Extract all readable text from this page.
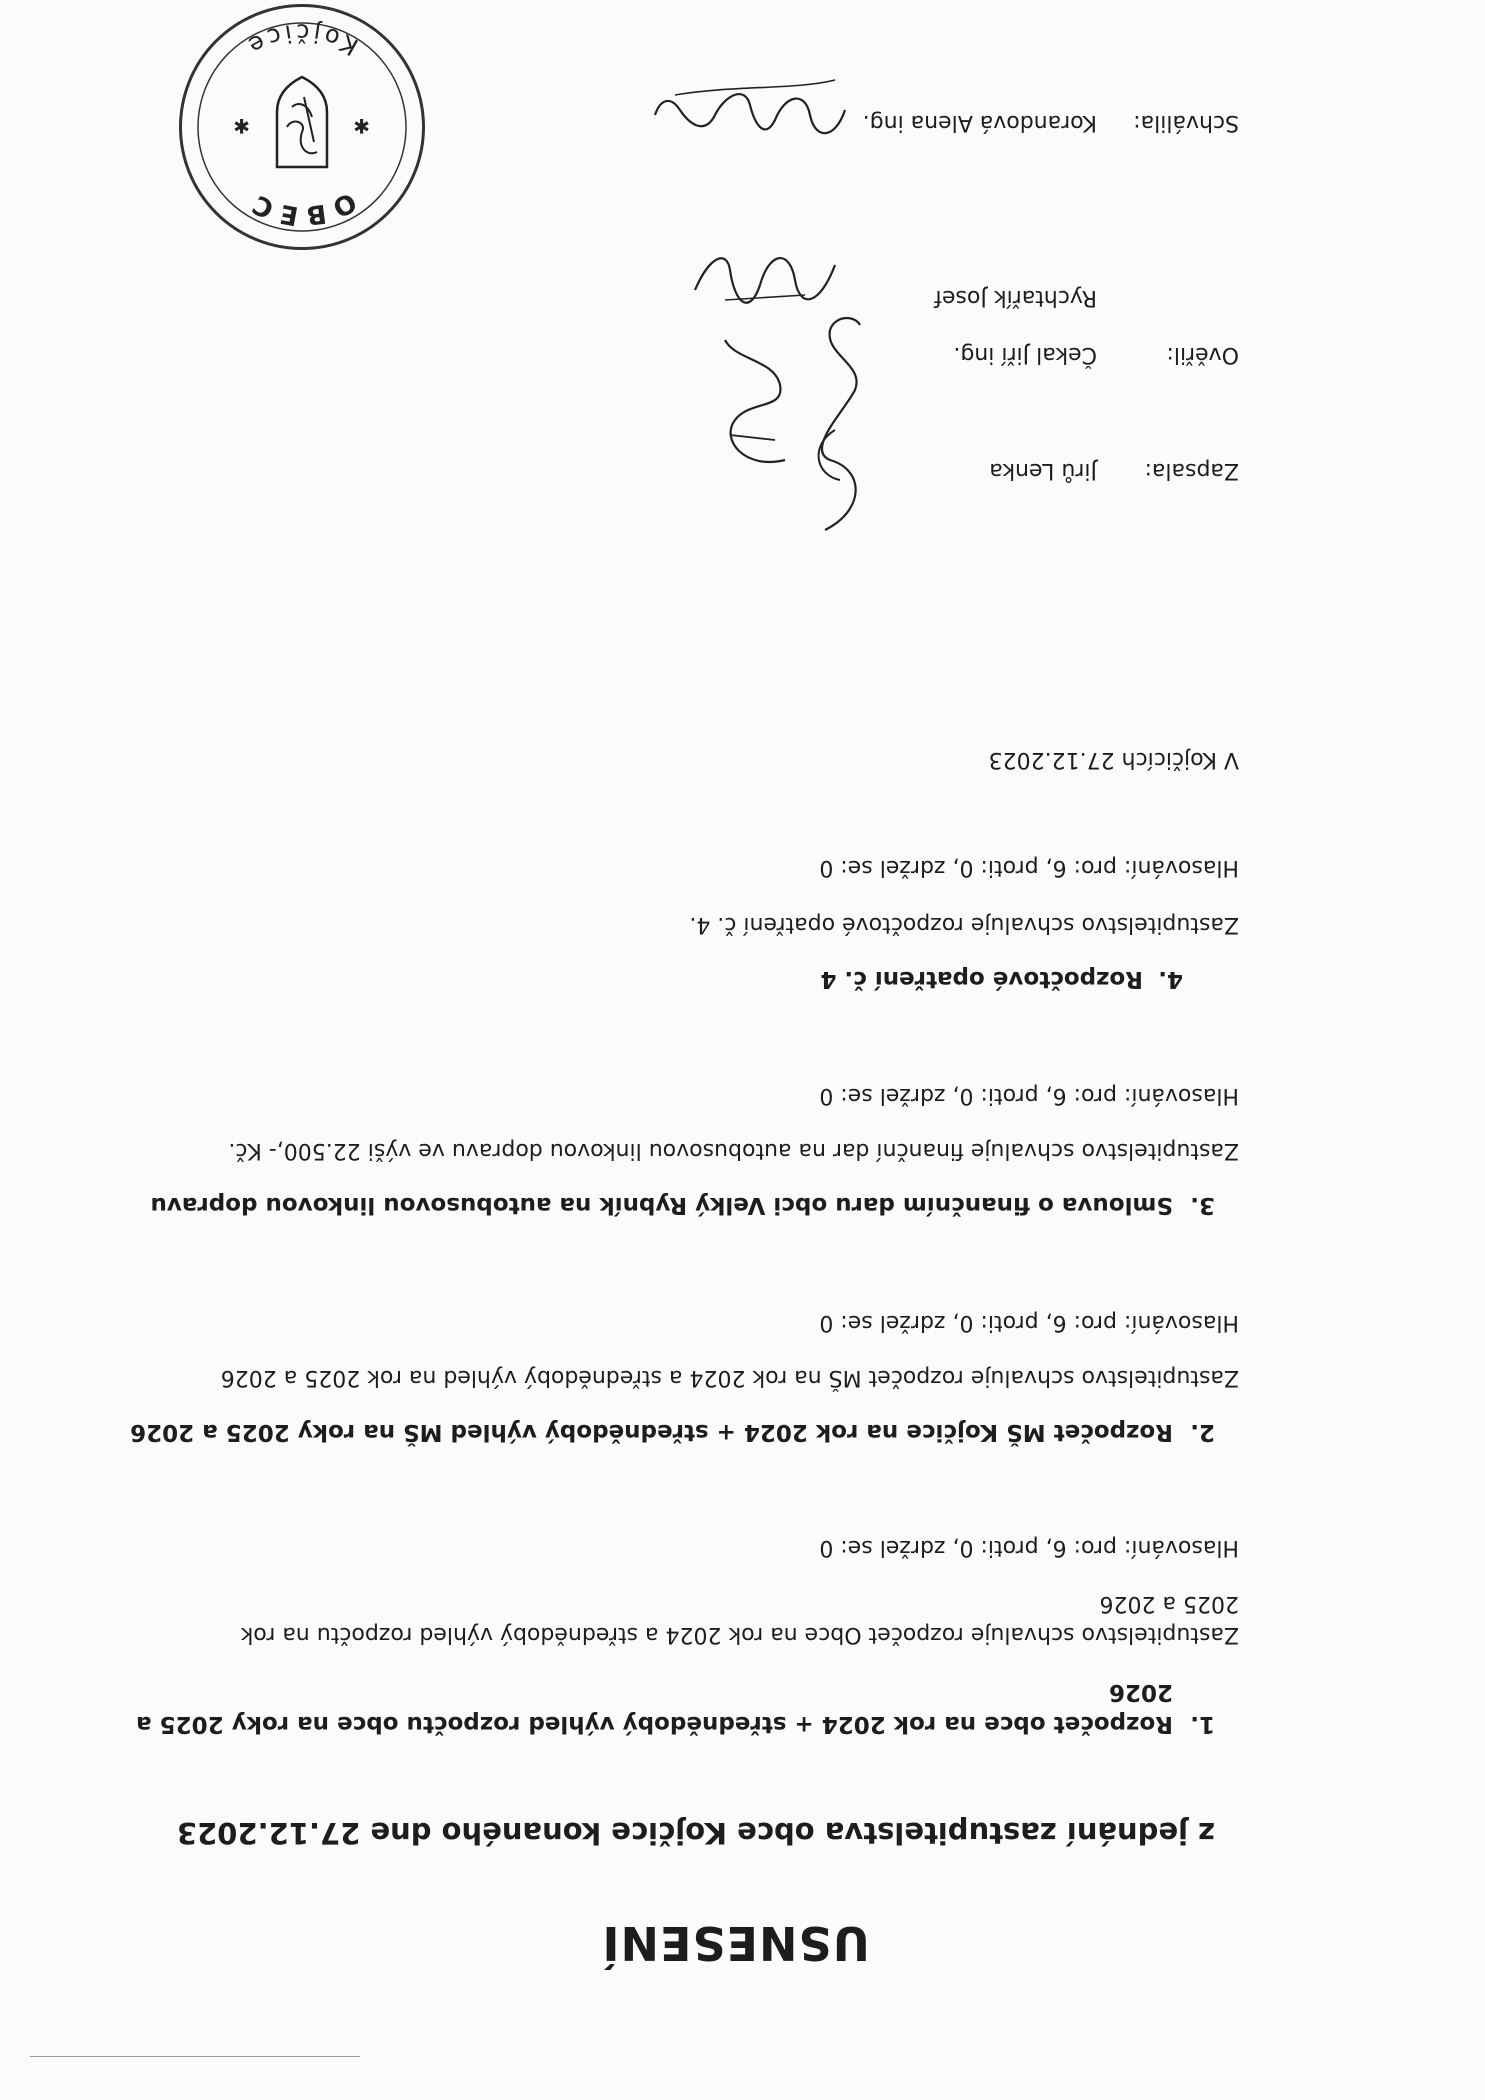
USNESENÍ
z jednání zastupitelstva obce Kojčice konaného dne 27.12.2023
1.
Rozpočet obce na rok 2024 + střednědobý výhled rozpočtu obce na roky 2025 a
2026
Zastupitelstvo schvaluje rozpočet Obce na rok 2024 a střednědobý výhled rozpočtu na rok
2025 a 2026
Hlasování: pro: 6, proti: 0, zdržel se: 0
2.
Rozpočet MŠ Kojčice na rok 2024 + střednědobý výhled MŠ na roky 2025 a 2026
Zastupitelstvo schvaluje rozpočet MŠ na rok 2024 a střednědobý výhled na rok 2025 a 2026
Hlasování: pro: 6, proti: 0, zdržel se: 0
3.
Smlouva o finančním daru obci Velký Rybník na autobusovou linkovou dopravu
Zastupitelstvo schvaluje finanční dar na autobusovou linkovou dopravu ve výši 22.500,- Kč.
Hlasování: pro: 6, proti: 0, zdržel se: 0
4.
Rozpočtové opatření č. 4
Zastupitelstvo schvaluje rozpočtové opatření č. 4.
Hlasování: pro: 6, proti: 0, zdržel se: 0
V Kojčicích 27.12.2023
Zapsala:
Jirů Lenka
Ověřil:
Čekal Jiří ing.
Rychtařík Josef
Schválila:
Korandová Alena ing.
OBEC
Kojčice
✱
✱
